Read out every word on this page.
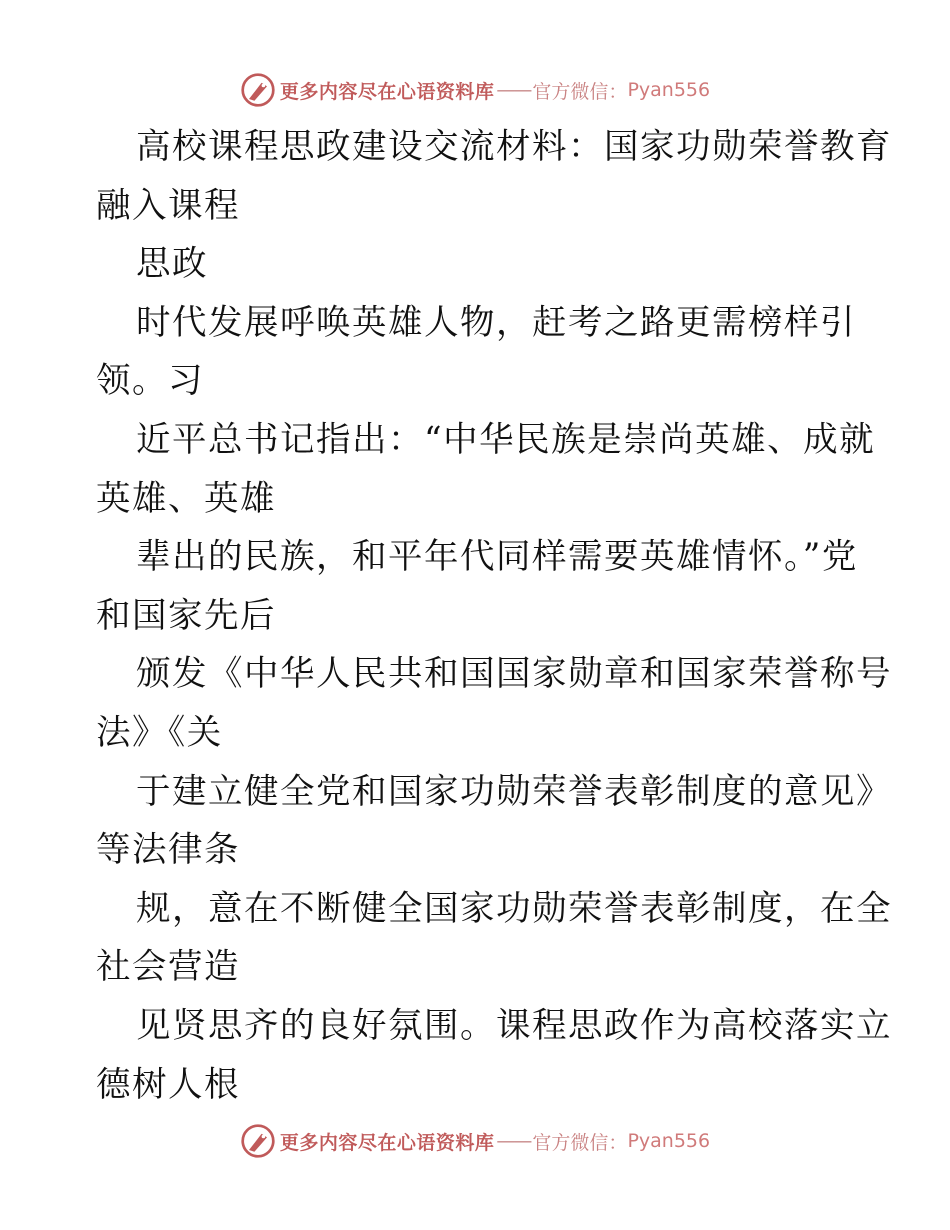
更多内容尽在心语资料库 —— 官方微信： Pyan556
高校课程思政建设交流材料：国家功勋荣誉教育
融入课程
思政
时代发展呼唤英雄人物，赶考之路更需榜样引
领。习
近平总书记指出：“中华民族是崇尚英雄、成就
英雄、英雄
辈出的民族，和平年代同样需要英雄情怀。”党
和国家先后
颁发《中华人民共和国国家勋章和国家荣誉称号
法》《关
于建立健全党和国家功勋荣誉表彰制度的意见》
等法律条
规，意在不断健全国家功勋荣誉表彰制度，在全
社会营造
见贤思齐的良好氛围。课程思政作为高校落实立
德树人根
更多内容尽在心语资料库 —— 官方微信： Pyan556
